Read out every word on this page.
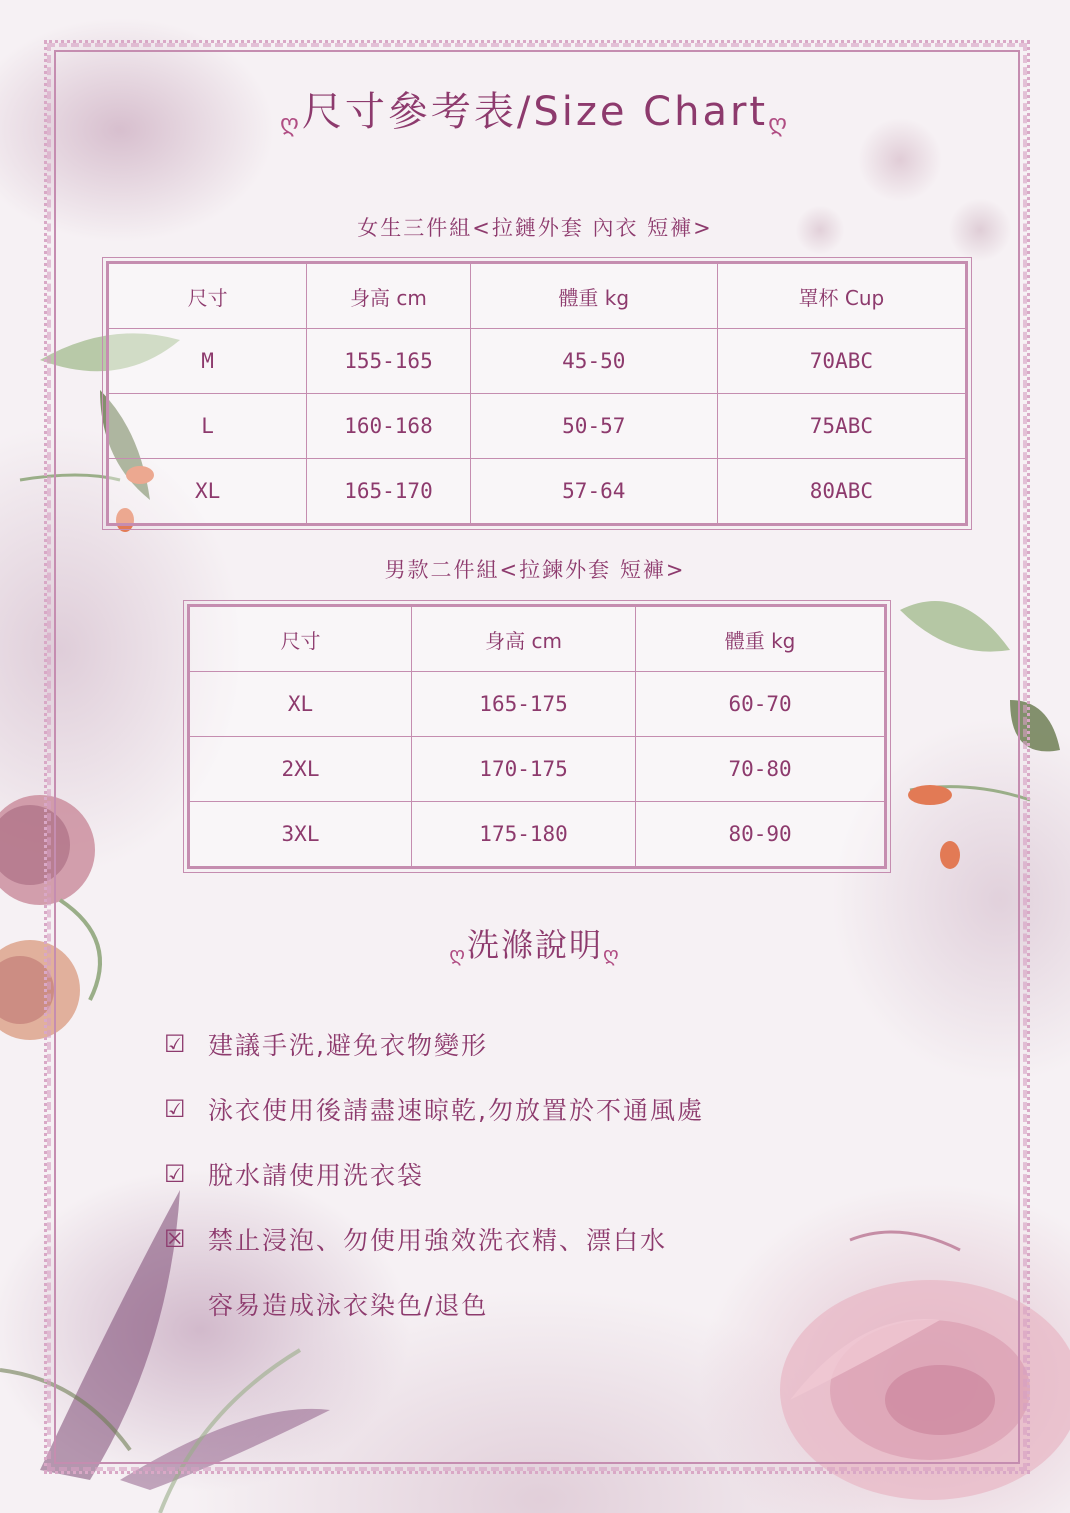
ღ尺寸參考表/Size Chartღ
女生三件組<拉鏈外套 內衣 短褲>
尺寸	身高 cm	體重 kg	罩杯 Cup
M	155-165	45-50	70ABC
L	160-168	50-57	75ABC
XL	165-170	57-64	80ABC
男款二件組<拉鍊外套 短褲>
尺寸	身高 cm	體重 kg
XL	165-175	60-70
2XL	170-175	70-80
3XL	175-180	80-90
ღ洗滌說明ღ
☑ 建議手洗,避免衣物變形
☑ 泳衣使用後請盡速晾乾,勿放置於不通風處
☑ 脫水請使用洗衣袋
☒ 禁止浸泡、勿使用強效洗衣精、漂白水
容易造成泳衣染色/退色
